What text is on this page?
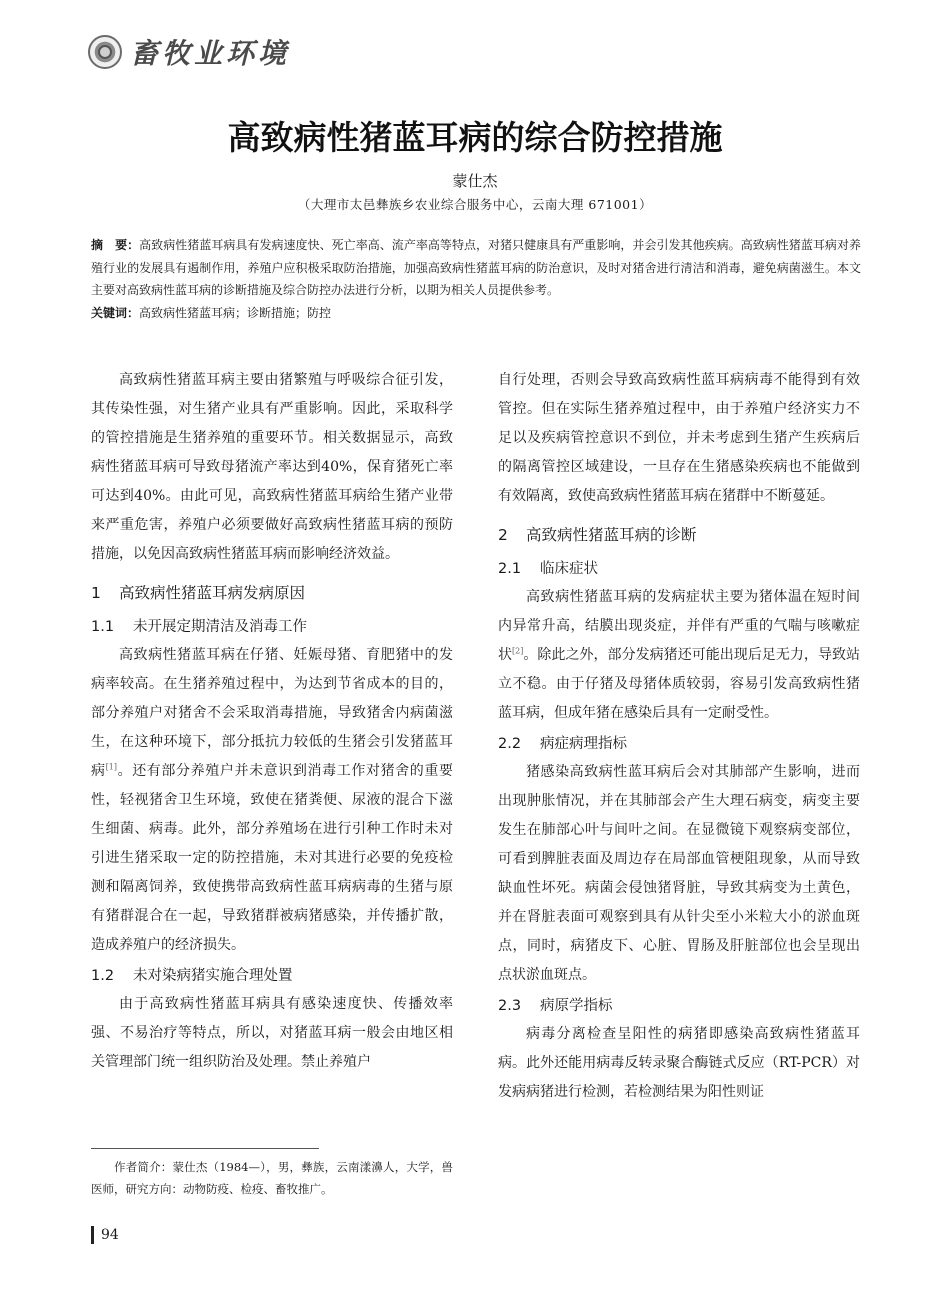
畜牧业环境
高致病性猪蓝耳病的综合防控措施
蒙仕杰
（大理市太邑彝族乡农业综合服务中心，云南大理 671001）
摘　要：高致病性猪蓝耳病具有发病速度快、死亡率高、流产率高等特点，对猪只健康具有严重影响，并会引发其他疾病。高致病性猪蓝耳病对养殖行业的发展具有遏制作用，养殖户应积极采取防治措施，加强高致病性猪蓝耳病的防治意识，及时对猪舍进行清洁和消毒，避免病菌滋生。本文主要对高致病性蓝耳病的诊断措施及综合防控办法进行分析，以期为相关人员提供参考。
关键词：高致病性猪蓝耳病；诊断措施；防控

高致病性猪蓝耳病主要由猪繁殖与呼吸综合征引发，其传染性强，对生猪产业具有严重影响。因此，采取科学的管控措施是生猪养殖的重要环节。相关数据显示，高致病性猪蓝耳病可导致母猪流产率达到40%，保育猪死亡率可达到40%。由此可见，高致病性猪蓝耳病给生猪产业带来严重危害，养殖户必须要做好高致病性猪蓝耳病的预防措施，以免因高致病性猪蓝耳病而影响经济效益。

1 高致病性猪蓝耳病发病原因
1.1 未开展定期清洁及消毒工作

高致病性猪蓝耳病在仔猪、妊娠母猪、育肥猪中的发病率较高。在生猪养殖过程中，为达到节省成本的目的，部分养殖户对猪舍不会采取消毒措施，导致猪舍内病菌滋生，在这种环境下，部分抵抗力较低的生猪会引发猪蓝耳病[1]。还有部分养殖户并未意识到消毒工作对猪舍的重要性，轻视猪舍卫生环境，致使在猪粪便、尿液的混合下滋生细菌、病毒。此外，部分养殖场在进行引种工作时未对引进生猪采取一定的防控措施，未对其进行必要的免疫检测和隔离饲养，致使携带高致病性蓝耳病病毒的生猪与原有猪群混合在一起，导致猪群被病猪感染，并传播扩散，造成养殖户的经济损失。

1.2 未对染病猪实施合理处置

由于高致病性猪蓝耳病具有感染速度快、传播效率强、不易治疗等特点，所以，对猪蓝耳病一般会由地区相关管理部门统一组织防治及处理。禁止养殖户

自行处理，否则会导致高致病性蓝耳病病毒不能得到有效管控。但在实际生猪养殖过程中，由于养殖户经济实力不足以及疾病管控意识不到位，并未考虑到生猪产生疾病后的隔离管控区域建设，一旦存在生猪感染疾病也不能做到有效隔离，致使高致病性猪蓝耳病在猪群中不断蔓延。

2 高致病性猪蓝耳病的诊断
2.1 临床症状

高致病性猪蓝耳病的发病症状主要为猪体温在短时间内异常升高，结膜出现炎症，并伴有严重的气喘与咳嗽症状[2]。除此之外，部分发病猪还可能出现后足无力，导致站立不稳。由于仔猪及母猪体质较弱，容易引发高致病性猪蓝耳病，但成年猪在感染后具有一定耐受性。

2.2 病症病理指标

猪感染高致病性蓝耳病后会对其肺部产生影响，进而出现肿胀情况，并在其肺部会产生大理石病变，病变主要发生在肺部心叶与间叶之间。在显微镜下观察病变部位，可看到脾脏表面及周边存在局部血管梗阻现象，从而导致缺血性坏死。病菌会侵蚀猪肾脏，导致其病变为土黄色，并在肾脏表面可观察到具有从针尖至小米粒大小的淤血斑点，同时，病猪皮下、心脏、胃肠及肝脏部位也会呈现出点状淤血斑点。

2.3 病原学指标

病毒分离检查呈阳性的病猪即感染高致病性猪蓝耳病。此外还能用病毒反转录聚合酶链式反应（RT-PCR）对发病病猪进行检测，若检测结果为阳性则证

作者简介：蒙仕杰（1984—），男，彝族，云南漾濞人，大学，兽医师，研究方向：动物防疫、检疫、畜牧推广。
94
